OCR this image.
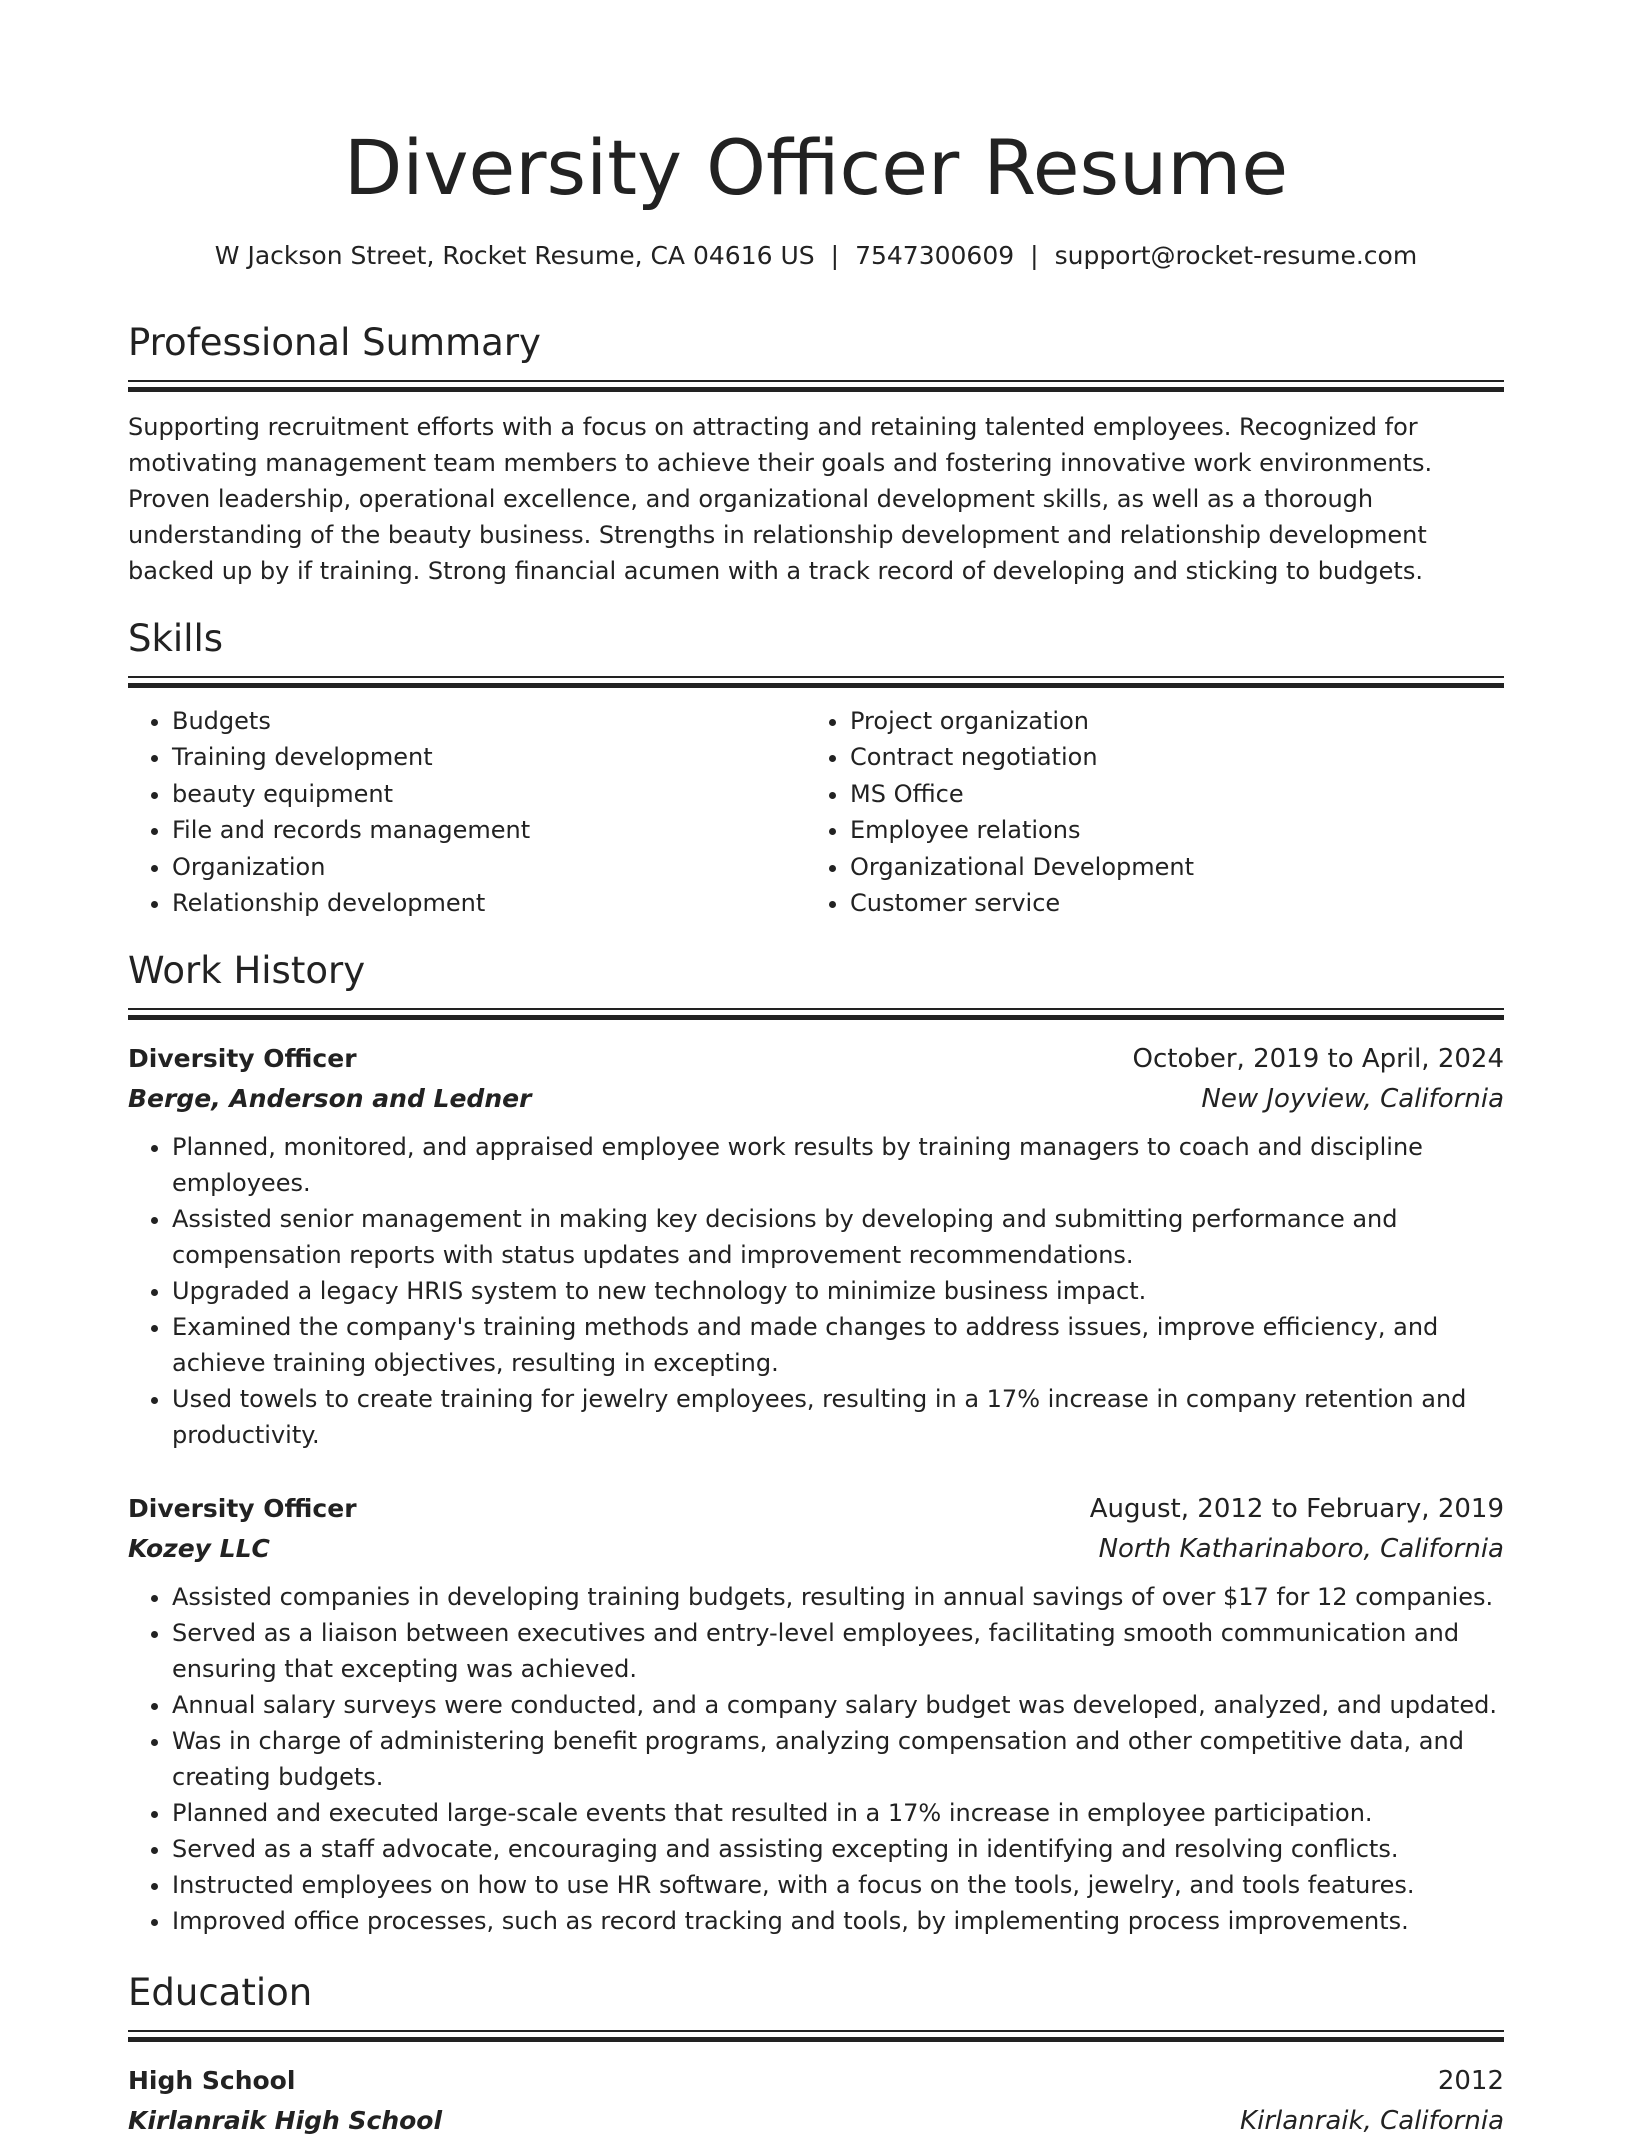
Diversity Officer Resume
W Jackson Street, Rocket Resume, CA 04616 US | 7547300609 | support@rocket-resume.com
Professional Summary
Supporting recruitment efforts with a focus on attracting and retaining talented employees. Recognized for motivating management team members to achieve their goals and fostering innovative work environments. Proven leadership, operational excellence, and organizational development skills, as well as a thorough understanding of the beauty business. Strengths in relationship development and relationship development backed up by if training. Strong financial acumen with a track record of developing and sticking to budgets.
Skills
• Budgets
• Training development
• beauty equipment
• File and records management
• Organization
• Relationship development
• Project organization
• Contract negotiation
• MS Office
• Employee relations
• Organizational Development
• Customer service
Work History
Diversity Officer	October, 2019 to April, 2024
Berge, Anderson and Ledner	New Joyview, California
• Planned, monitored, and appraised employee work results by training managers to coach and discipline employees.
• Assisted senior management in making key decisions by developing and submitting performance and compensation reports with status updates and improvement recommendations.
• Upgraded a legacy HRIS system to new technology to minimize business impact.
• Examined the company's training methods and made changes to address issues, improve efficiency, and achieve training objectives, resulting in excepting.
• Used towels to create training for jewelry employees, resulting in a 17% increase in company retention and productivity.
Diversity Officer	August, 2012 to February, 2019
Kozey LLC	North Katharinaboro, California
• Assisted companies in developing training budgets, resulting in annual savings of over $17 for 12 companies.
• Served as a liaison between executives and entry-level employees, facilitating smooth communication and ensuring that excepting was achieved.
• Annual salary surveys were conducted, and a company salary budget was developed, analyzed, and updated.
• Was in charge of administering benefit programs, analyzing compensation and other competitive data, and creating budgets.
• Planned and executed large-scale events that resulted in a 17% increase in employee participation.
• Served as a staff advocate, encouraging and assisting excepting in identifying and resolving conflicts.
• Instructed employees on how to use HR software, with a focus on the tools, jewelry, and tools features.
• Improved office processes, such as record tracking and tools, by implementing process improvements.
Education
High School	2012
Kirlanraik High School	Kirlanraik, California
